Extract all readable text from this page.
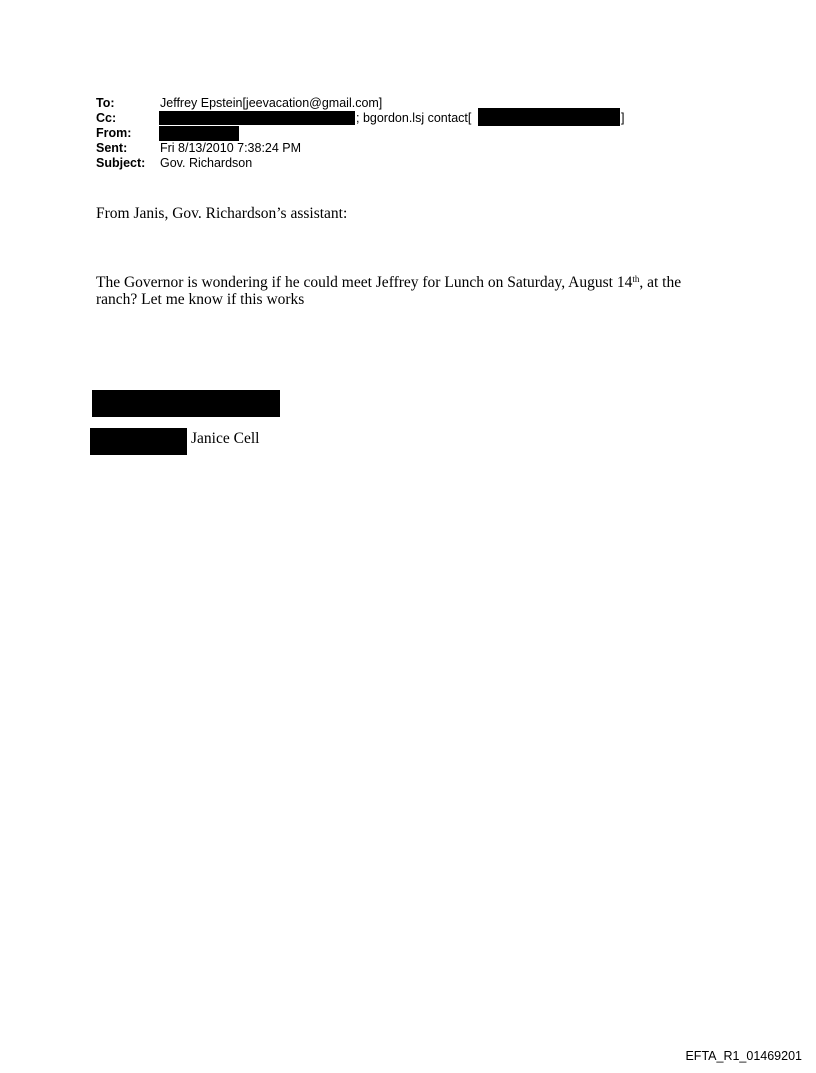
To:	Jeffrey Epstein[jeevacation@gmail.com]
Cc:	; bgordon.lsj contact[	]
From:
Sent:	Fri 8/13/2010 7:38:24 PM
Subject: Gov. Richardson
From Janis, Gov. Richardson’s assistant:
The Governor is wondering if he could meet Jeffrey for Lunch on Saturday, August 14th, at the
ranch? Let me know if this works
Janice Cell
EFTA_R1_01469201
